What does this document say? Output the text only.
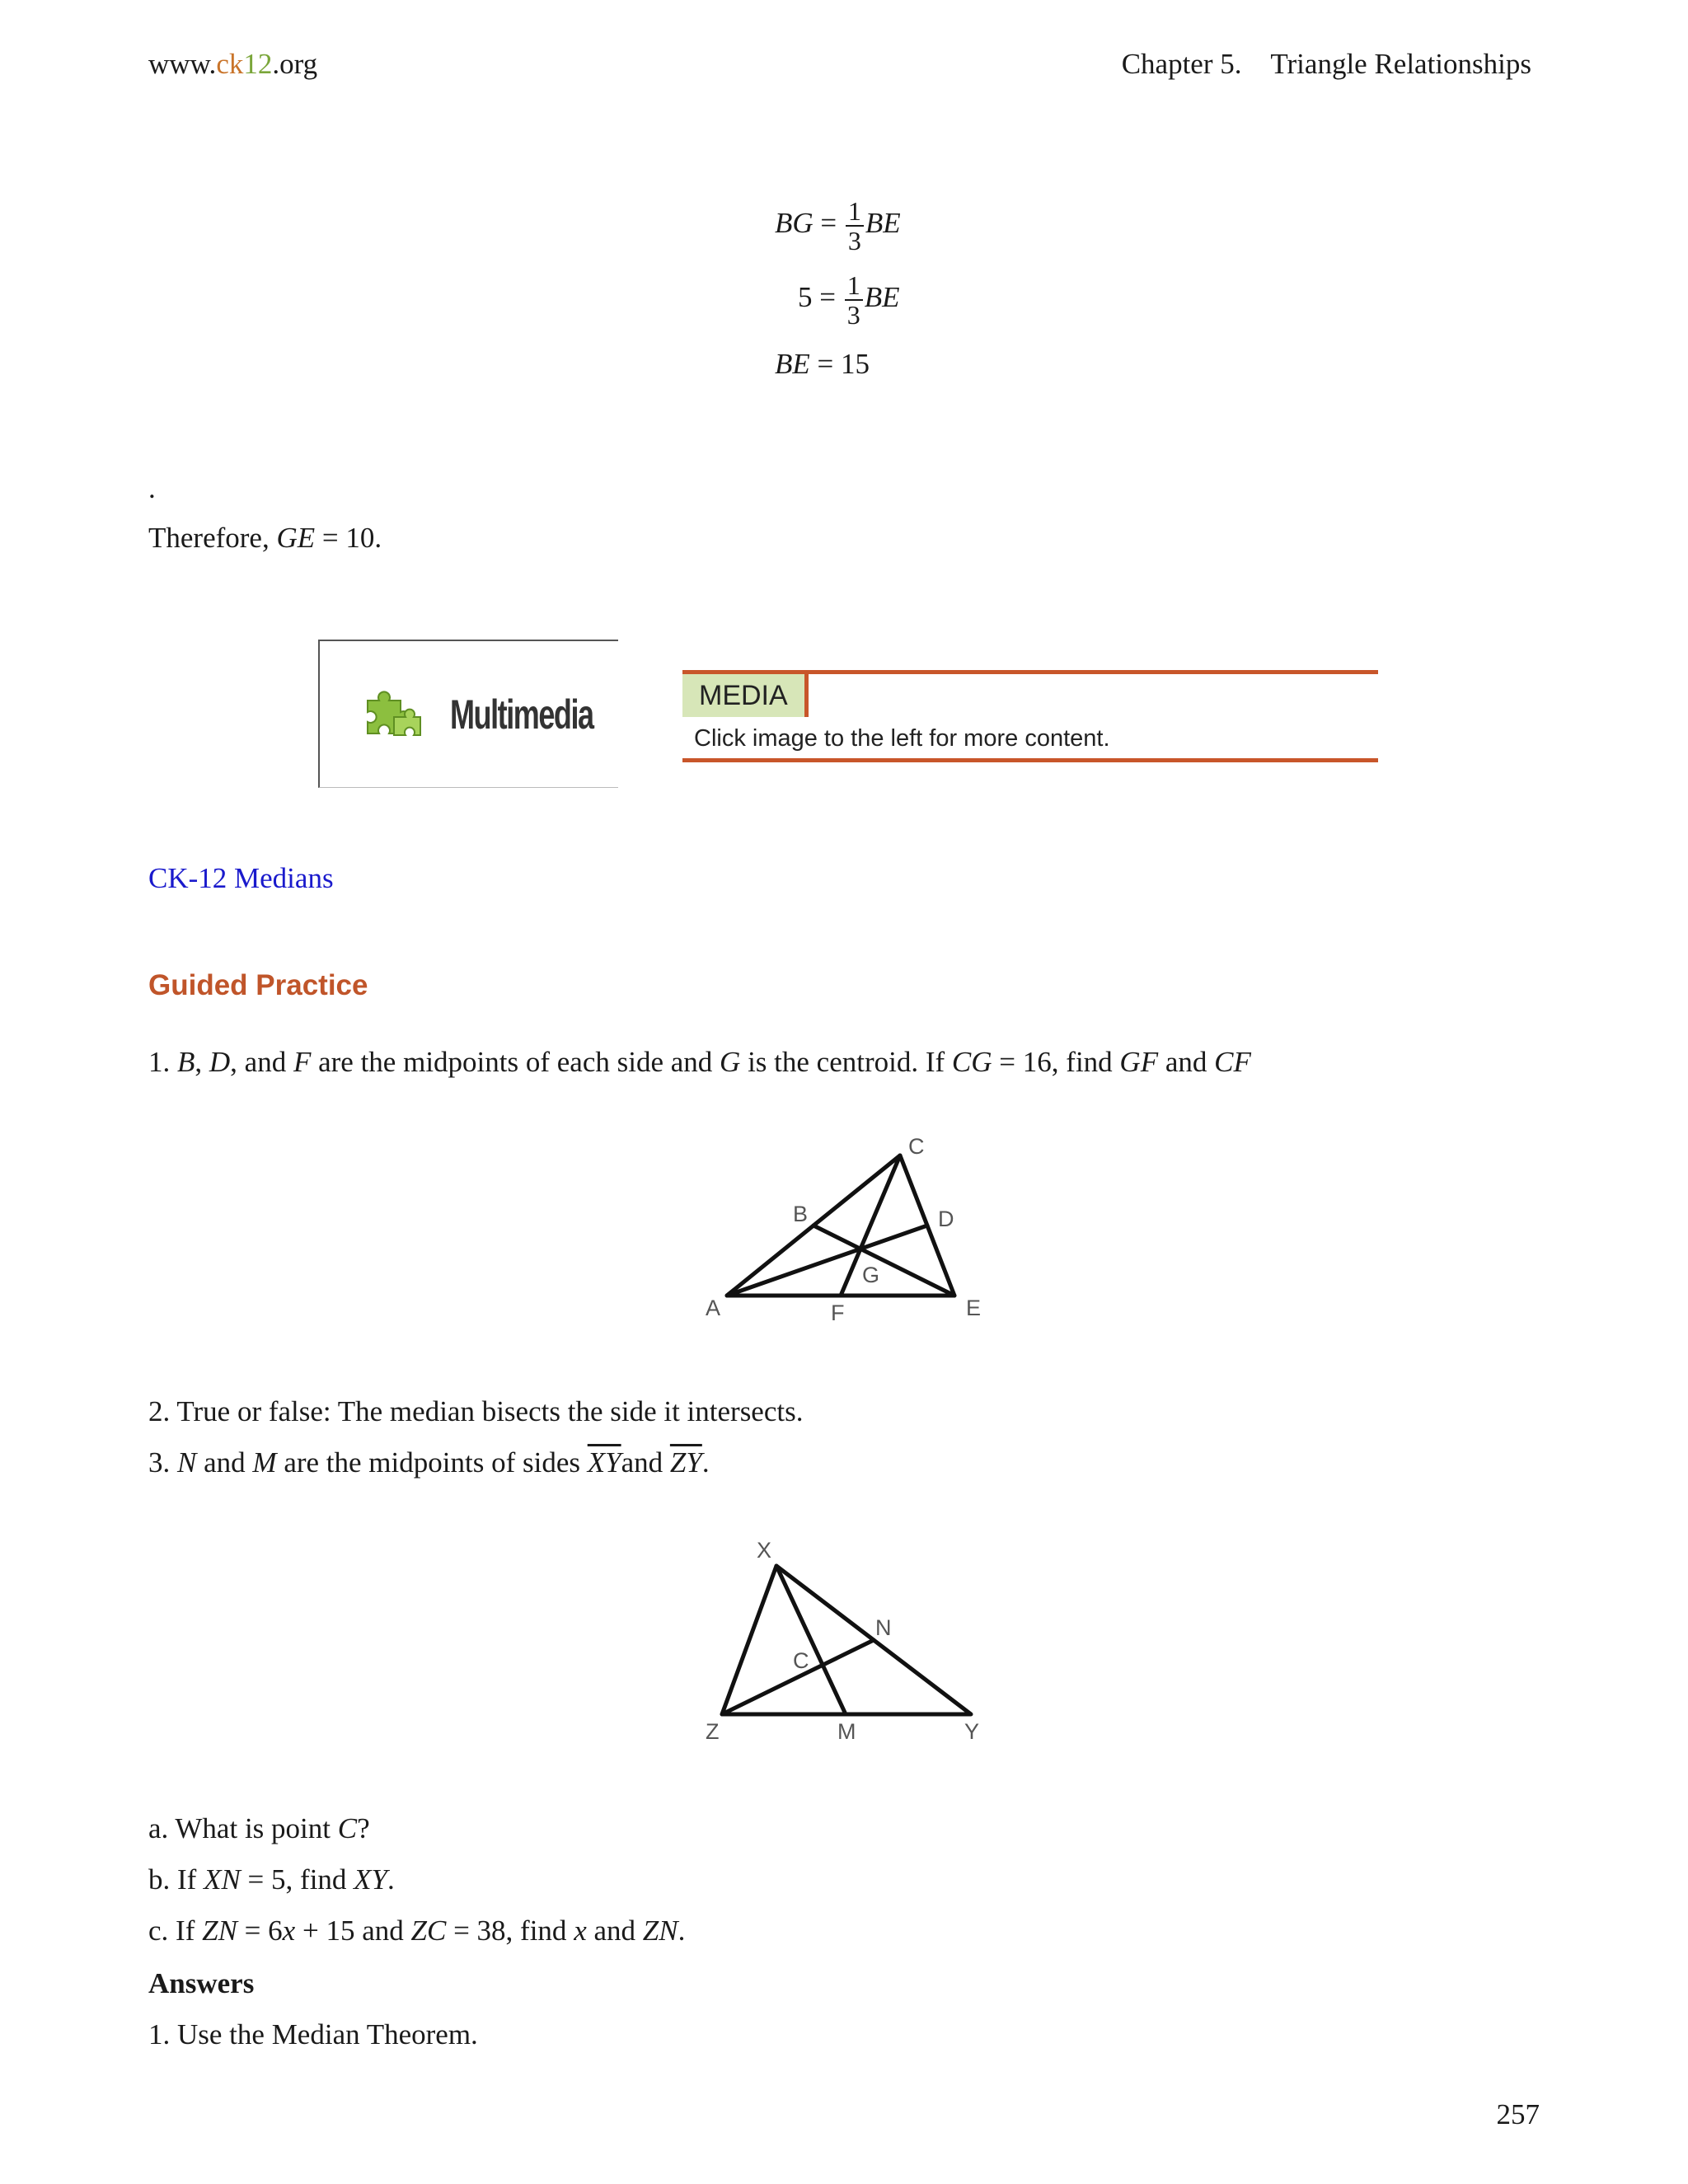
www.ck12.org	Chapter 5. Triangle Relationships
BG = $\frac{1}{3}$ BE
$5 = \frac{1}{3}$ BE
BE = 15
.
Therefore, GE = 10.
Multimedia	MEDIA
Click image to the left for more content.
CK-12 Medians
Guided Practice
1. B, D, and F are the midpoints of each side and G is the centroid. If CG = 16, find GF and CF
C
B	D
G
A	F	E
2. True or false: The median bisects the side it intersects.
3. N and M are the midpoints of sides $\overline{XY}and$ $\overline{ZY}$.
X
N
C
Z	M	Y
a. What is point C?
b. If XN = 5, find XY.
c. If ZN = 6x + 15 and ZC = 38, find x and ZN.
Answers
1. Use the Median Theorem.
257
